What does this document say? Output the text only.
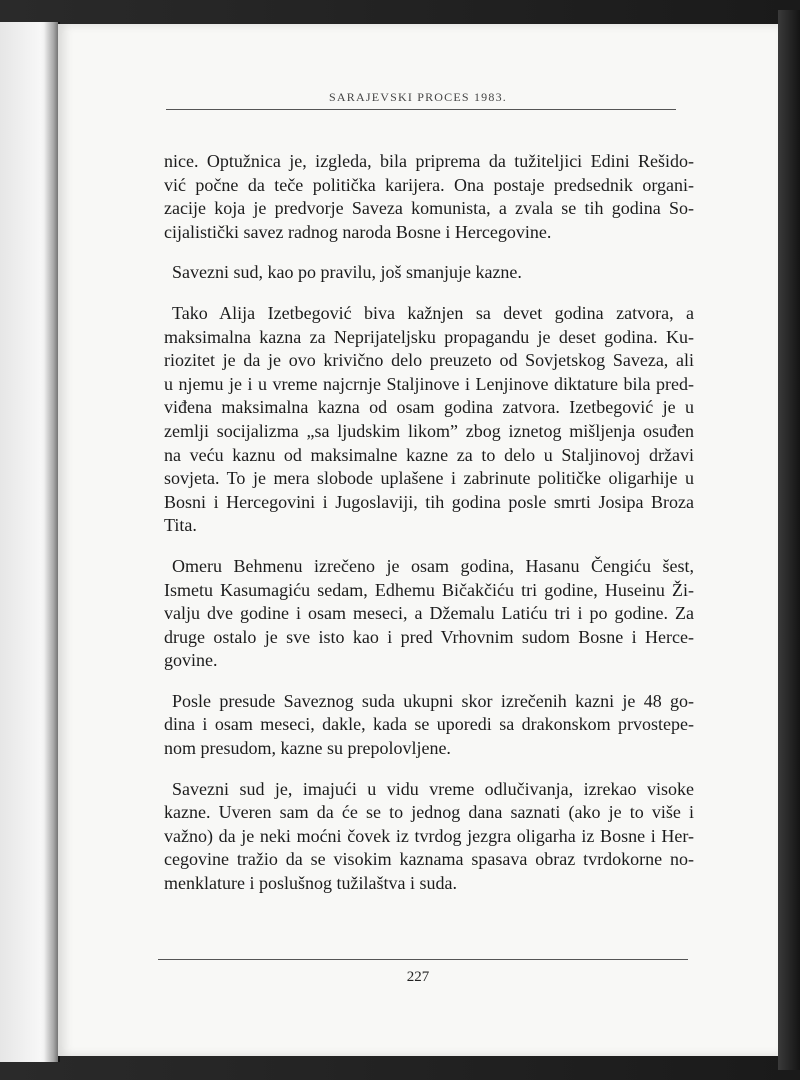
SARAJEVSKI PROCES 1983.

nice. Optužnica je, izgleda, bila priprema da tužiteljici Edini Rešido-
vić počne da teče politička karijera. Ona postaje predsednik organi-
zacije koja je predvorje Saveza komunista, a zvala se tih godina So-
cijalistički savez radnog naroda Bosne i Hercegovine.

Savezni sud, kao po pravilu, još smanjuje kazne.

Tako Alija Izetbegović biva kažnjen sa devet godina zatvora, a
maksimalna kazna za Neprijateljsku propagandu je deset godina. Ku-
riozitet je da je ovo krivično delo preuzeto od Sovjetskog Saveza, ali
u njemu je i u vreme najcrnje Staljinove i Lenjinove diktature bila pred-
viđena maksimalna kazna od osam godina zatvora. Izetbegović je u
zemlji socijalizma „sa ljudskim likom” zbog iznetog mišljenja osuđen
na veću kaznu od maksimalne kazne za to delo u Staljinovoj državi
sovjeta. To je mera slobode uplašene i zabrinute političke oligarhije u
Bosni i Hercegovini i Jugoslaviji, tih godina posle smrti Josipa Broza
Tita.

Omeru Behmenu izrečeno je osam godina, Hasanu Čengiću šest,
Ismetu Kasumagiću sedam, Edhemu Bičakčiću tri godine, Huseinu Ži-
valju dve godine i osam meseci, a Džemalu Latiću tri i po godine. Za
druge ostalo je sve isto kao i pred Vrhovnim sudom Bosne i Herce-
govine.

Posle presude Saveznog suda ukupni skor izrečenih kazni je 48 go-
dina i osam meseci, dakle, kada se uporedi sa drakonskom prvostepe-
nom presudom, kazne su prepolovljene.

Savezni sud je, imajući u vidu vreme odlučivanja, izrekao visoke
kazne. Uveren sam da će se to jednog dana saznati (ako je to više i
važno) da je neki moćni čovek iz tvrdog jezgra oligarha iz Bosne i Her-
cegovine tražio da se visokim kaznama spasava obraz tvrdokorne no-
menklature i poslušnog tužilaštva i suda.

227
